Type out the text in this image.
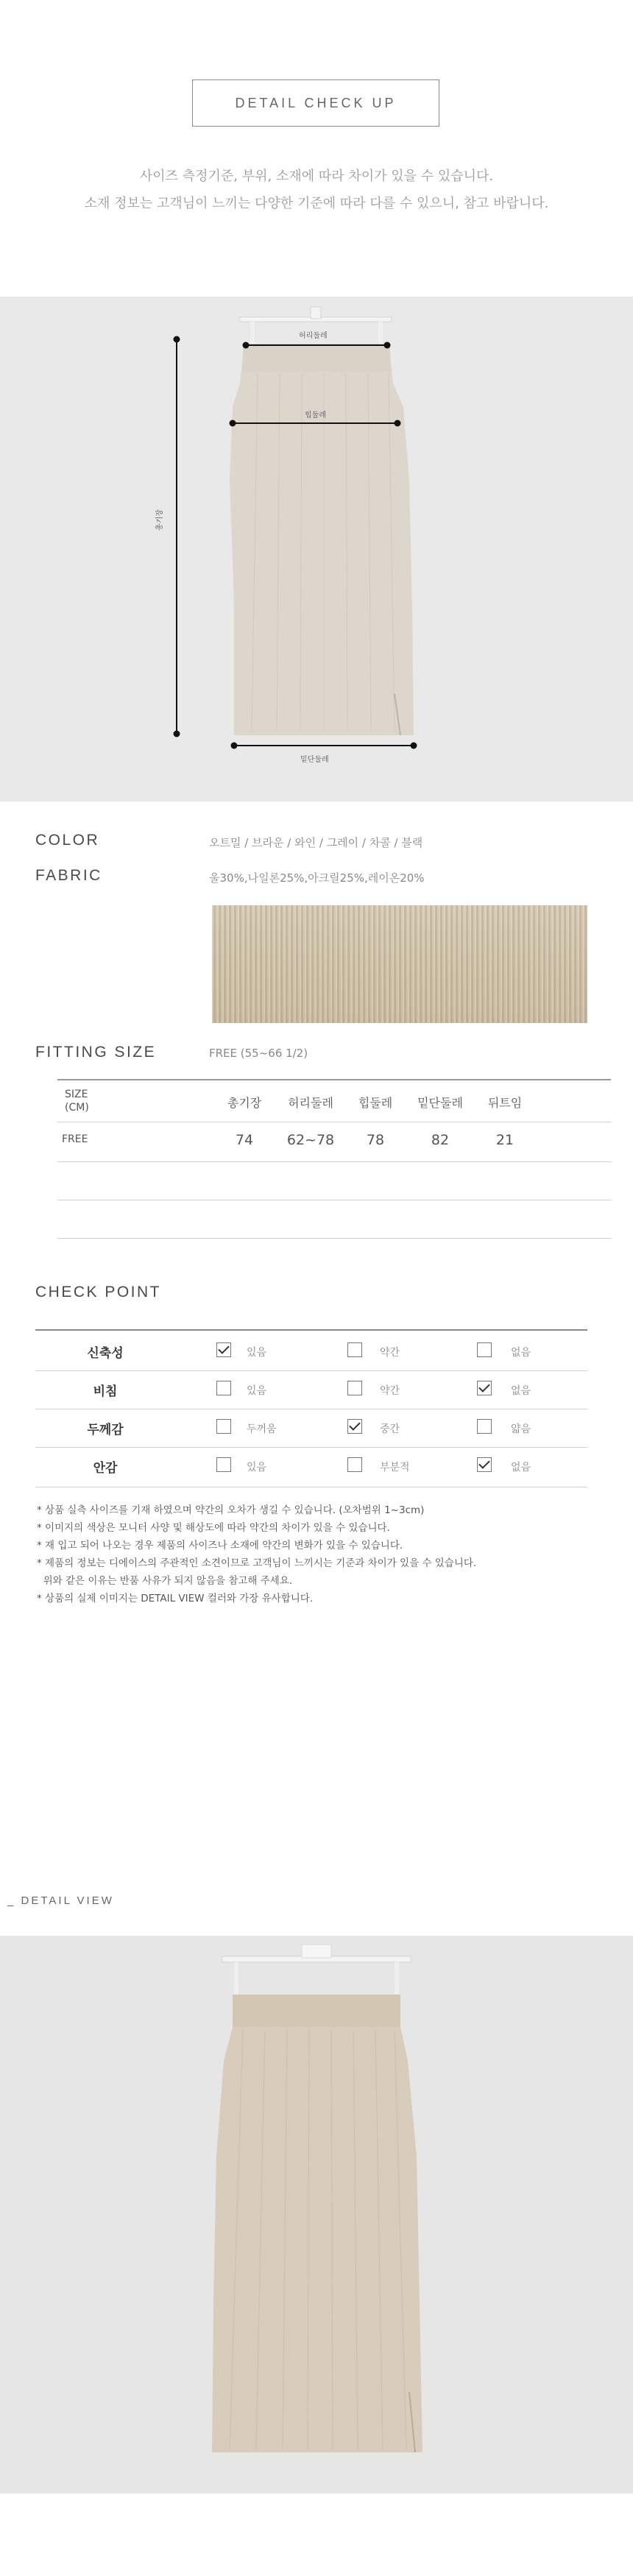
DETAIL CHECK UP
사이즈 측정기준, 부위, 소재에 따라 차이가 있을 수 있습니다.
소재 정보는 고객님이 느끼는 다양한 기준에 따라 다를 수 있으니, 참고 바랍니다.
허리둘레
힙둘레
총기장
밑단둘레
COLOR	오트밀 / 브라운 / 와인 / 그레이 / 차콜 / 블랙
FABRIC	울30%,나일론25%,아크릴25%,레이온20%
FITTING SIZE	FREE (55~66 1/2)
SIZE
(CM)	총기장	허리둘레	힙둘레	밑단둘레	뒤트임
FREE	74	62~78	78	82	21
CHECK POINT
신축성	있음	약간	없음
비침	있음	약간	없음
두께감	두꺼움	중간	얇음
안감	있음	부분적	없음
* 상품 실측 사이즈를 기재 하였으며 약간의 오차가 생길 수 있습니다. (오차범위 1~3cm)
* 이미지의 색상은 모니터 사양 및 해상도에 따라 약간의 차이가 있을 수 있습니다.
* 재 입고 되어 나오는 경우 제품의 사이즈나 소재에 약간의 변화가 있을 수 있습니다.
* 제품의 정보는 디에이스의 주관적인 소견이므로 고객님이 느끼시는 기준과 차이가 있을 수 있습니다.
위와 같은 이유는 반품 사유가 되지 않음을 참고해 주세요.
* 상품의 실제 이미지는 DETAIL VIEW 컬러와 가장 유사합니다.
_ DETAIL VIEW
